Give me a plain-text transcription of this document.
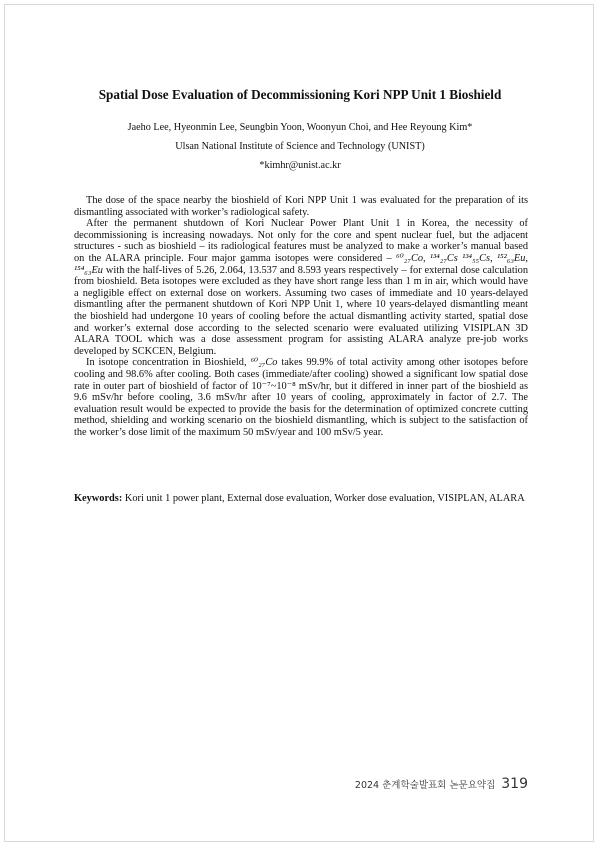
Spatial Dose Evaluation of Decommissioning Kori NPP Unit 1 Bioshield
Jaeho Lee, Hyeonmin Lee, Seungbin Yoon, Woonyun Choi, and Hee Reyoung Kim*
Ulsan National Institute of Science and Technology (UNIST)
*kimhr@unist.ac.kr

The dose of the space nearby the bioshield of Kori NPP Unit 1 was evaluated for the preparation of its dismantling associated with worker’s radiological safety.

After the permanent shutdown of Kori Nuclear Power Plant Unit 1 in Korea, the necessity of decommissioning is increasing nowadays. Not only for the core and spent nuclear fuel, but the adjacent structures - such as bioshield – its radiological features must be analyzed to make a worker’s manual based on the ALARA principle. Four major gamma isotopes were considered – ⁶⁰₂₇Co, ¹³⁴₂₇Cs ¹³⁴₅₅Cs, ¹⁵²₆₃Eu, ¹⁵⁴₆₃Eu with the half-lives of 5.26, 2.064, 13.537 and 8.593 years respectively – for external dose calculation from bioshield. Beta isotopes were excluded as they have short range less than 1 m in air, which would have a negligible effect on external dose on workers. Assuming two cases of immediate and 10 years-delayed dismantling after the permanent shutdown of Kori NPP Unit 1, where 10 years-delayed dismantling meant the bioshield had undergone 10 years of cooling before the actual dismantling activity started, spatial dose and worker’s external dose according to the selected scenario were evaluated utilizing VISIPLAN 3D ALARA TOOL which was a dose assessment program for assisting ALARA analyze pre-job works developed by SCKCEN, Belgium.

In isotope concentration in Bioshield, ⁶⁰₂₇Co takes 99.9% of total activity among other isotopes before cooling and 98.6% after cooling. Both cases (immediate/after cooling) showed a significant low spatial dose rate in outer part of bioshield of factor of 10⁻⁷~10⁻⁸ mSv/hr, but it differed in inner part of the bioshield as 9.6 mSv/hr before cooling, 3.6 mSv/hr after 10 years of cooling, approximately in factor of 2.7. The evaluation result would be expected to provide the basis for the determination of optimized concrete cutting method, shielding and working scenario on the bioshield dismantling, which is subject to the satisfaction of the worker’s dose limit of the maximum 50 mSv/year and 100 mSv/5 year.

Keywords: Kori unit 1 power plant, External dose evaluation, Worker dose evaluation, VISIPLAN, ALARA
2024 춘계학술발표회 논문요약집 319
